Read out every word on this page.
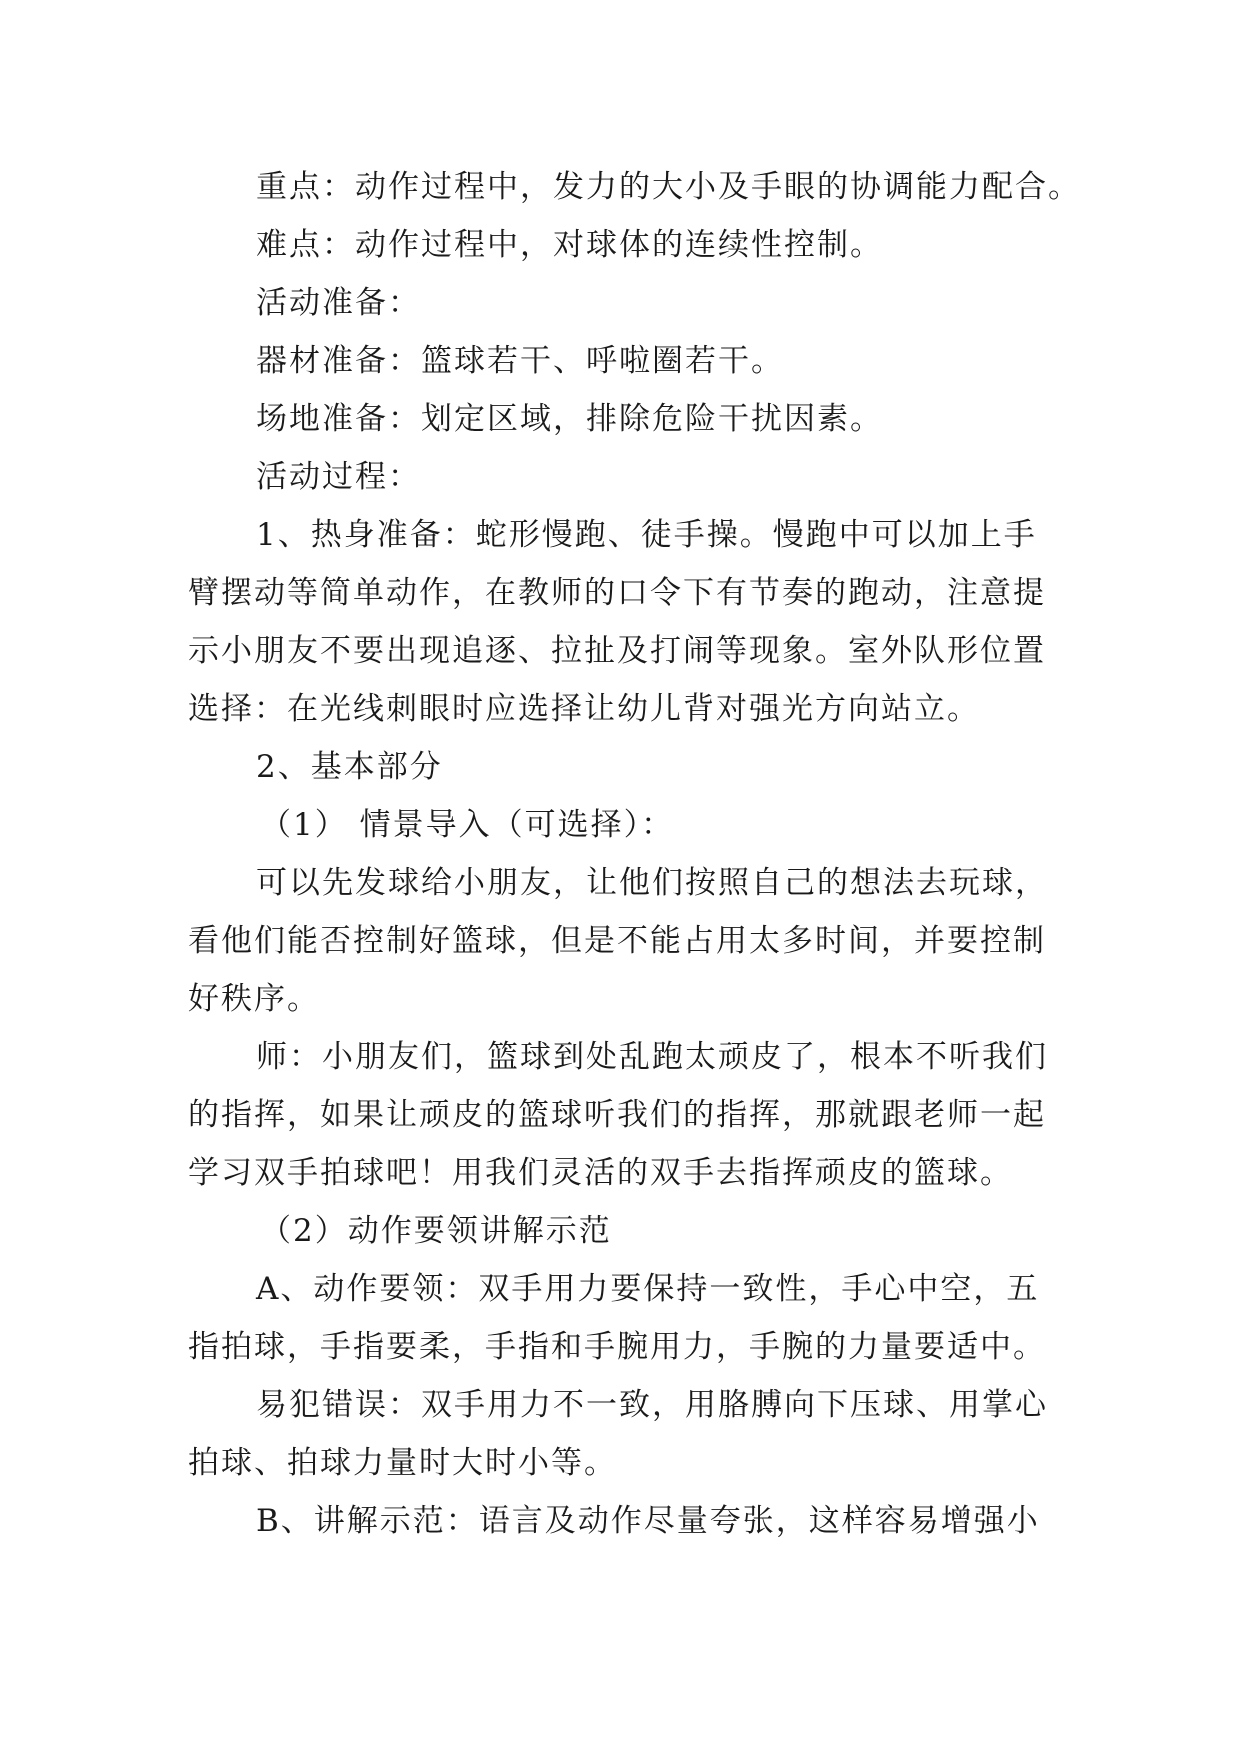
重点：动作过程中，发力的大小及手眼的协调能力配合。
难点：动作过程中，对球体的连续性控制。
活动准备：
器材准备：篮球若干、呼啦圈若干。
场地准备：划定区域，排除危险干扰因素。
活动过程：
1、热身准备：蛇形慢跑、徒手操。慢跑中可以加上手
臂摆动等简单动作，在教师的口令下有节奏的跑动，注意提
示小朋友不要出现追逐、拉扯及打闹等现象。室外队形位置
选择：在光线刺眼时应选择让幼儿背对强光方向站立。
2、基本部分
（1） 情景导入（可选择）：
可以先发球给小朋友，让他们按照自己的想法去玩球，
看他们能否控制好篮球，但是不能占用太多时间，并要控制
好秩序。
师：小朋友们，篮球到处乱跑太顽皮了，根本不听我们
的指挥，如果让顽皮的篮球听我们的指挥，那就跟老师一起
学习双手拍球吧！用我们灵活的双手去指挥顽皮的篮球。
（2）动作要领讲解示范
A、动作要领：双手用力要保持一致性，手心中空，五
指拍球，手指要柔，手指和手腕用力，手腕的力量要适中。
易犯错误：双手用力不一致，用胳膊向下压球、用掌心
拍球、拍球力量时大时小等。
B、讲解示范：语言及动作尽量夸张，这样容易增强小
